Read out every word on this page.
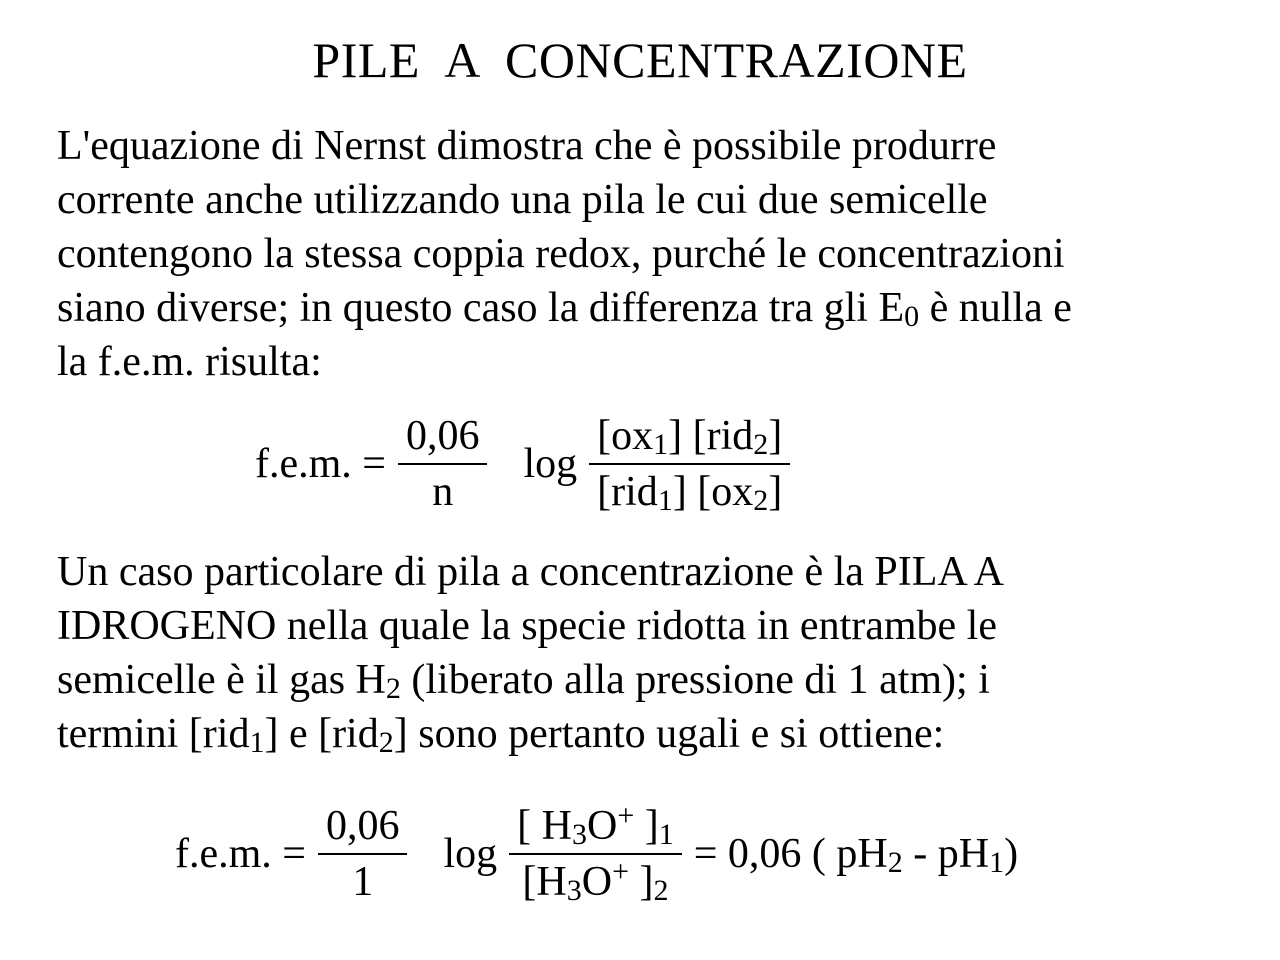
PILE A CONCENTRAZIONE

L'equazione di Nernst dimostra che è possibile produrre
corrente anche utilizzando una pila le cui due semicelle
contengono la stessa coppia redox, purché le concentrazioni
siano diverse; in questo caso la differenza tra gli E0 è nulla e
la f.e.m. risulta:

f.e.m. = $\frac{0,06}{n}$ $\log \frac{\text{[ox1] [rid2]}}{\text{[rid1] [ox2]}}$

Un caso particolare di pila a concentrazione è la PILA A
IDROGENO nella quale la specie ridotta in entrambe le
semicelle è il gas H2 (liberato alla pressione di 1 atm); i
termini [rid1] e [rid2] sono pertanto ugali e si ottiene:

f.e.m. = $\frac{0,06}{1}$ $\log \frac{[ H3O^+ ]1}{[H3O^+ ]2} = 0,06$ ( pH2 - pH1)
